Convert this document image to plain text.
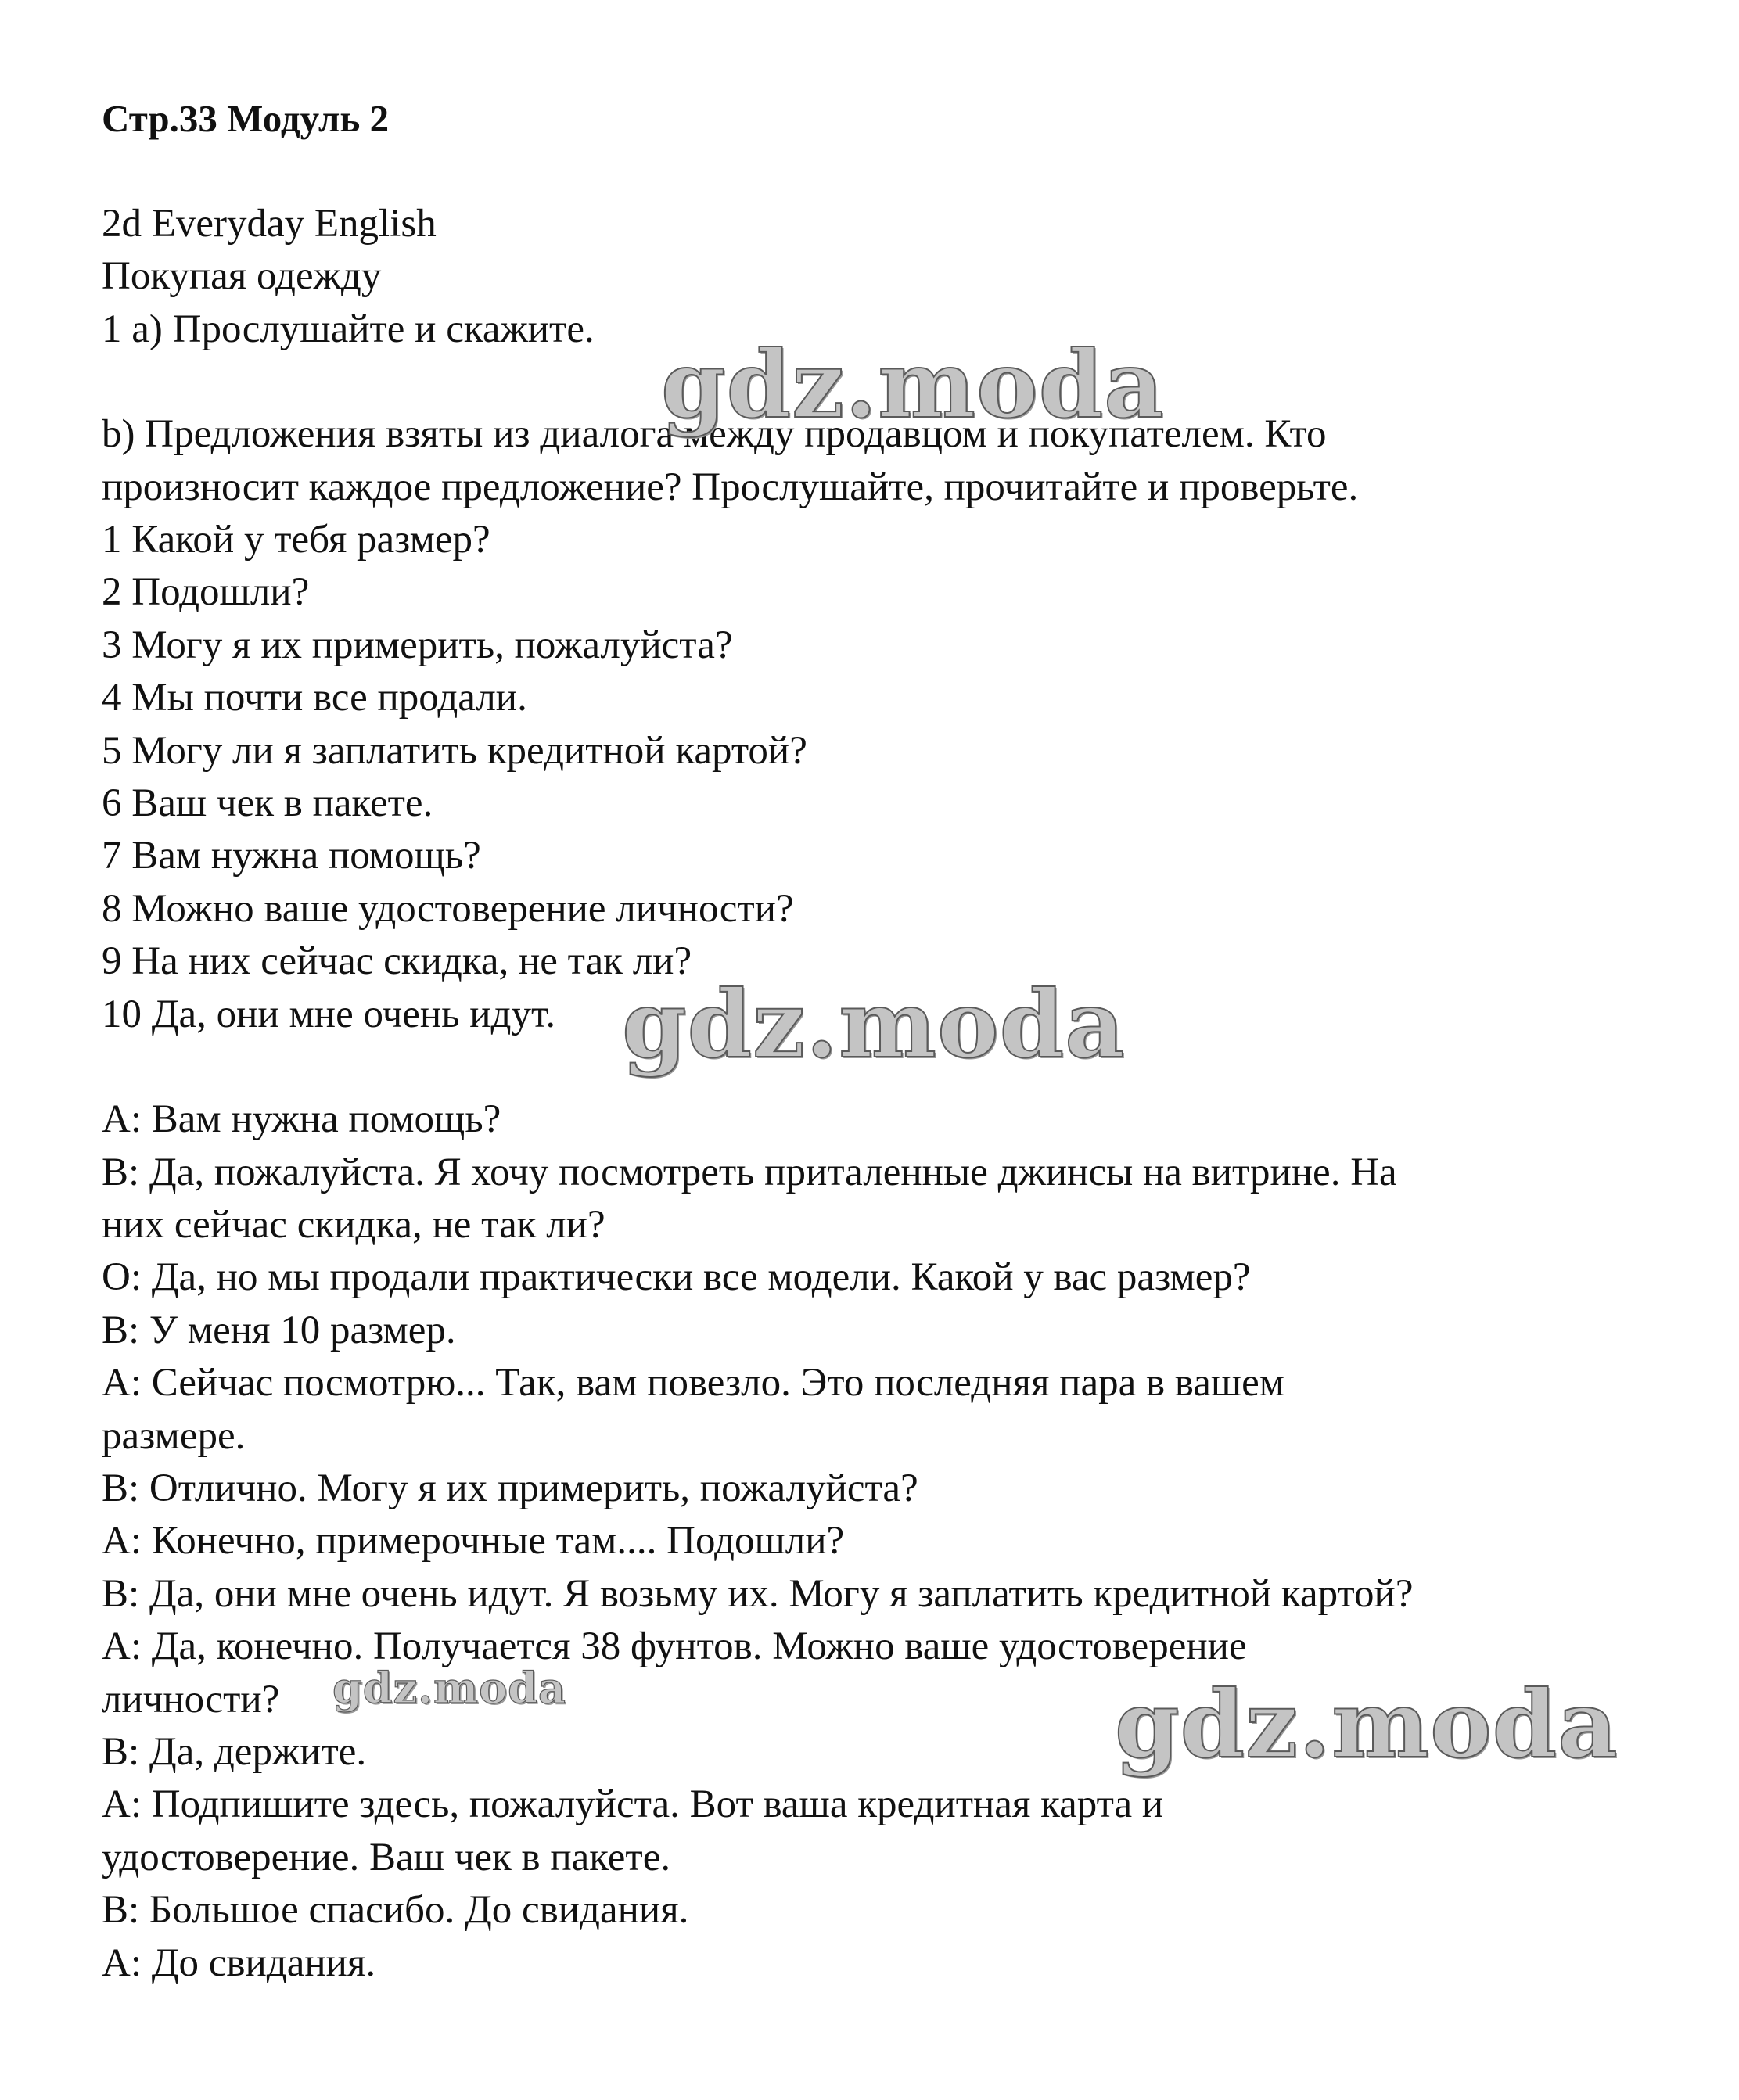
Стр.33 Модуль 2

2d Everyday English

Покупая одежду

1 a) Прослушайте и скажите.

b) Предложения взяты из диалога между продавцом и покупателем. Кто

произносит каждое предложение? Прослушайте, прочитайте и проверьте.

1 Какой у тебя размер?

2 Подошли?

3 Могу я их примерить, пожалуйста?

4 Мы почти все продали.

5 Могу ли я заплатить кредитной картой?

6 Ваш чек в пакете.

7 Вам нужна помощь?

8 Можно ваше удостоверение личности?

9 На них сейчас скидка, не так ли?

10 Да, они мне очень идут.

А: Вам нужна помощь?

В: Да, пожалуйста. Я хочу посмотреть приталенные джинсы на витрине. На

них сейчас скидка, не так ли?

О: Да, но мы продали практически все модели. Какой у вас размер?

В: У меня 10 размер.

А: Сейчас посмотрю... Так, вам повезло. Это последняя пара в вашем

размере.

В: Отлично. Могу я их примерить, пожалуйста?

А: Конечно, примерочные там.... Подошли?

В: Да, они мне очень идут. Я возьму их. Могу я заплатить кредитной картой?

А: Да, конечно. Получается 38 фунтов. Можно ваше удостоверение

личности?

В: Да, держите.

А: Подпишите здесь, пожалуйста. Вот ваша кредитная карта и

удостоверение. Ваш чек в пакете.

В: Большое спасибо. До свидания.

А: До свидания.

gdz.moda
gdz.moda
gdz.moda	gdz.moda
